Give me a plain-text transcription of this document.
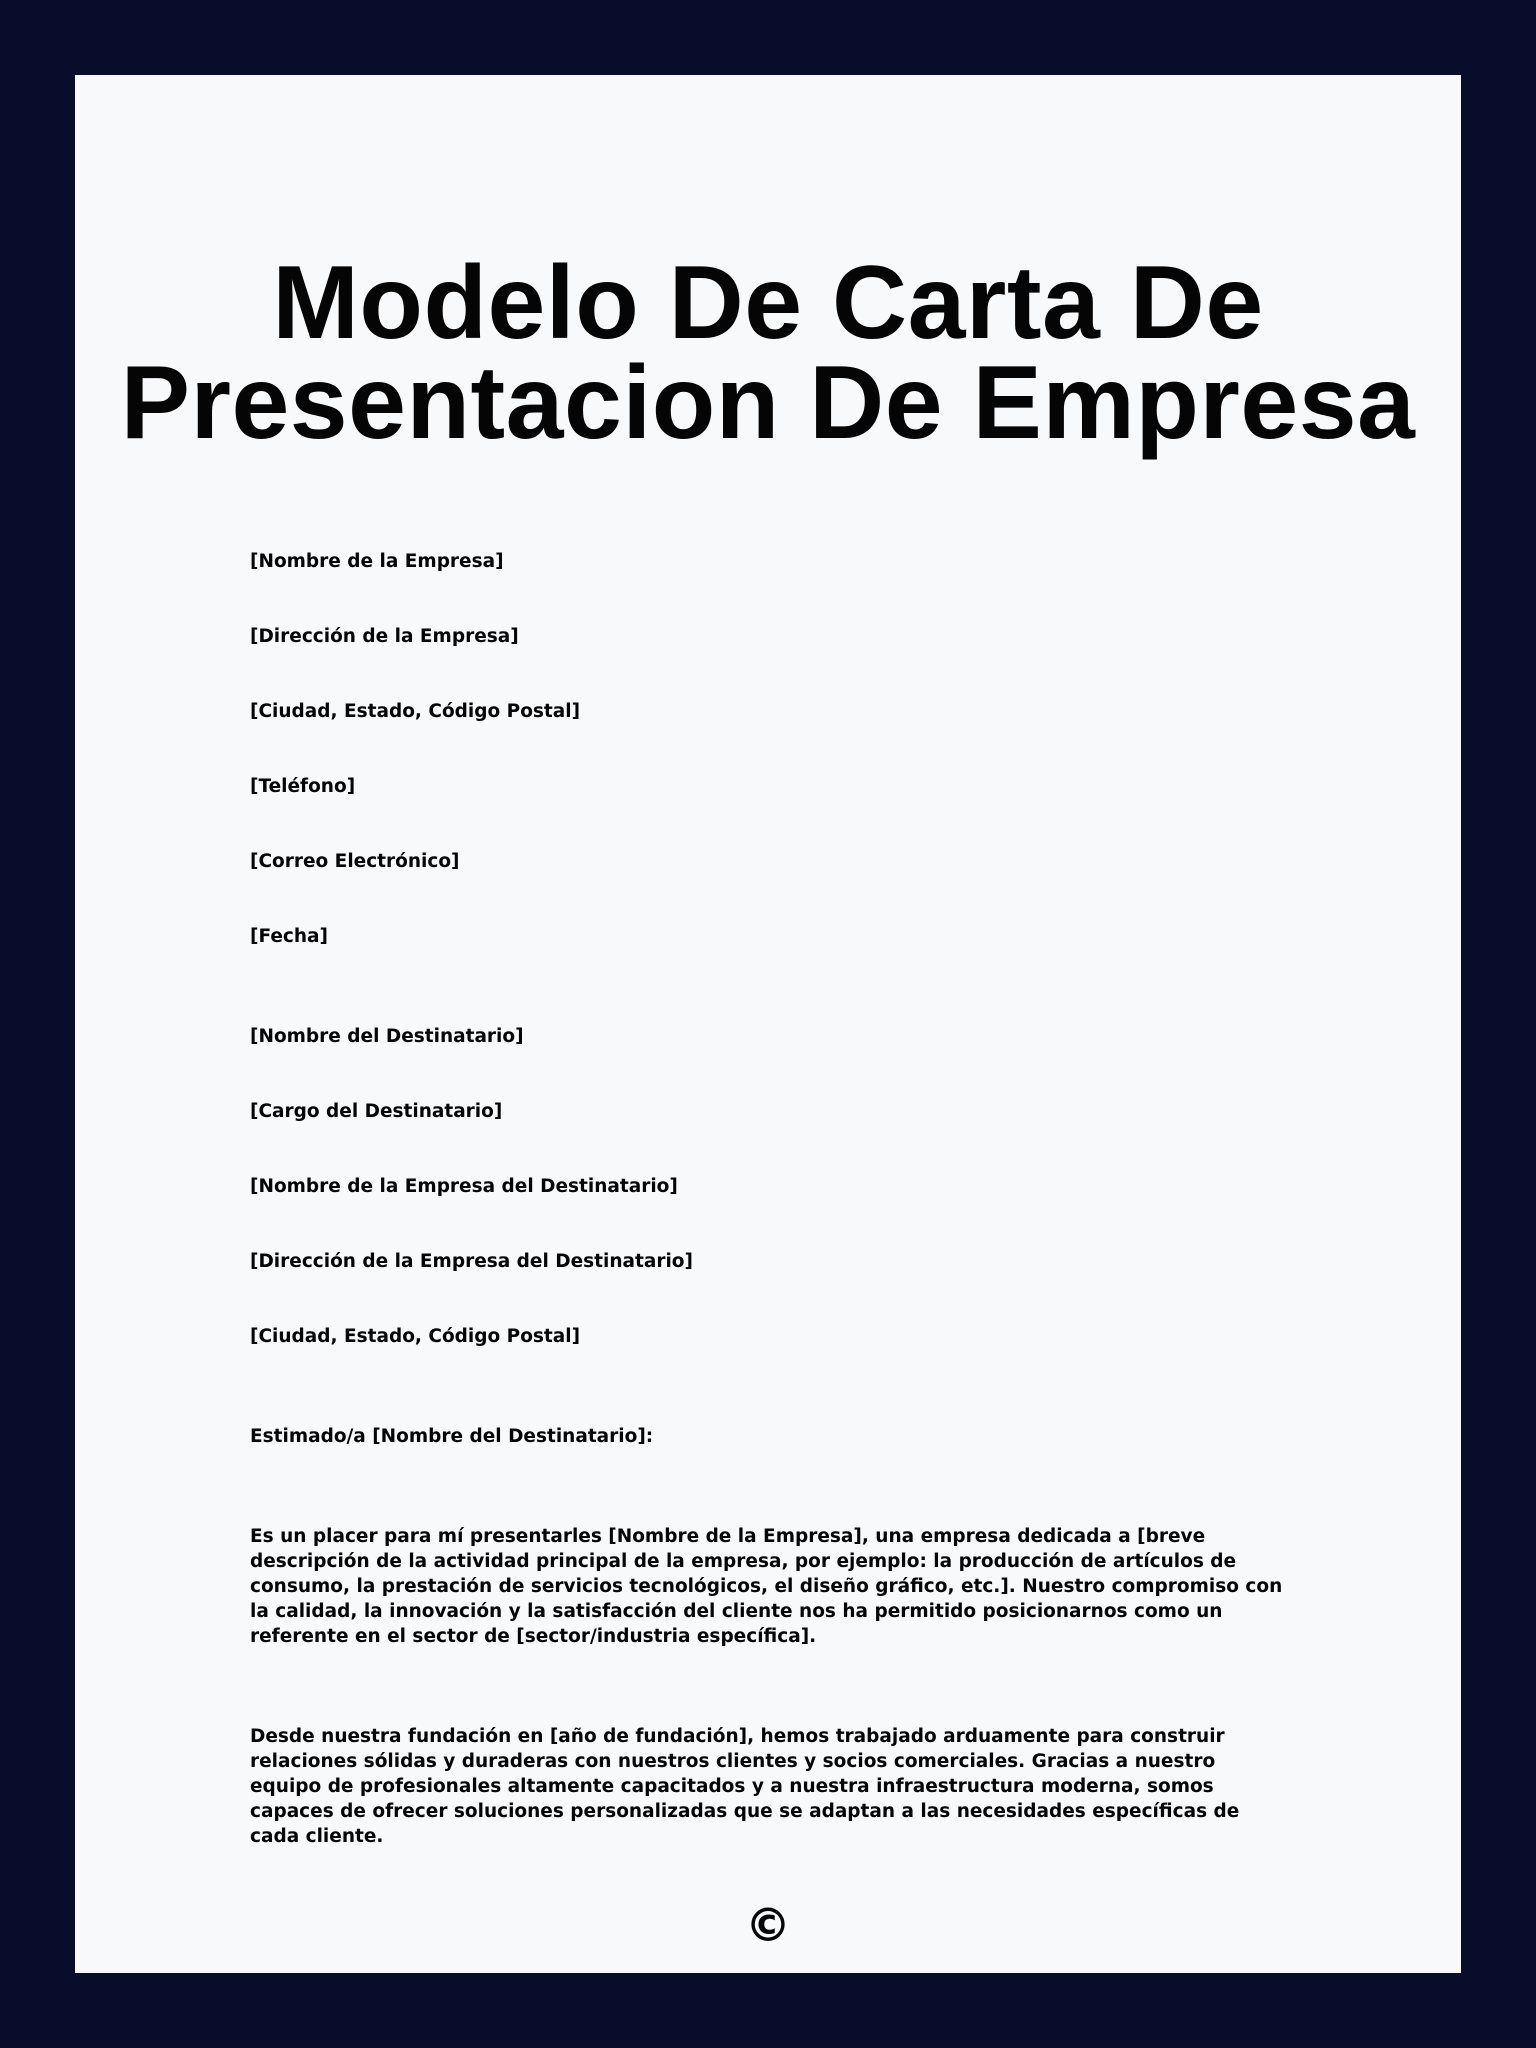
Modelo De Carta De
Presentacion De Empresa

[Nombre de la Empresa]

[Dirección de la Empresa]

[Ciudad, Estado, Código Postal]

[Teléfono]

[Correo Electrónico]

[Fecha]

[Nombre del Destinatario]

[Cargo del Destinatario]

[Nombre de la Empresa del Destinatario]

[Dirección de la Empresa del Destinatario]

[Ciudad, Estado, Código Postal]

Estimado/a [Nombre del Destinatario]:

Es un placer para mí presentarles [Nombre de la Empresa], una empresa dedicada a [breve descripción de la actividad principal de la empresa, por ejemplo: la producción de artículos de consumo, la prestación de servicios tecnológicos, el diseño gráfico, etc.]. Nuestro compromiso con la calidad, la innovación y la satisfacción del cliente nos ha permitido posicionarnos como un referente en el sector de [sector/industria específica].

Desde nuestra fundación en [año de fundación], hemos trabajado arduamente para construir relaciones sólidas y duraderas con nuestros clientes y socios comerciales. Gracias a nuestro equipo de profesionales altamente capacitados y a nuestra infraestructura moderna, somos capaces de ofrecer soluciones personalizadas que se adaptan a las necesidades específicas de cada cliente.

©
